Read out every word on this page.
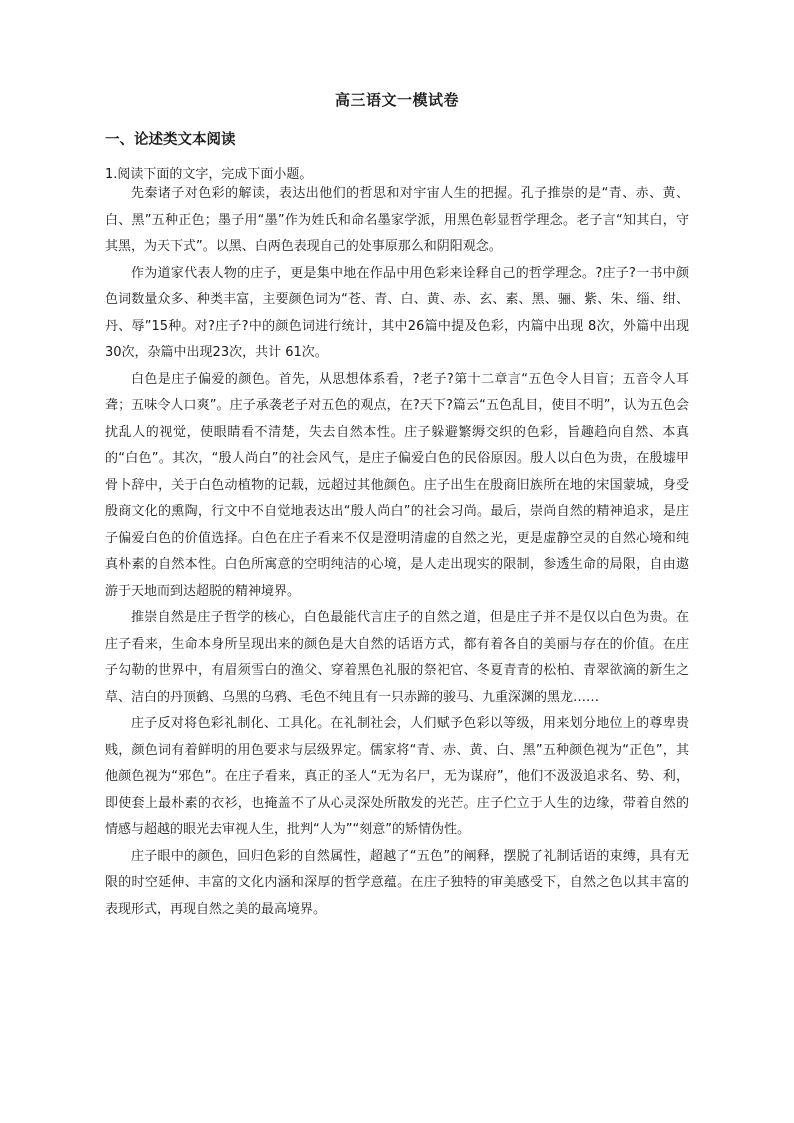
高三语文一模试卷
一、论述类文本阅读

1.阅读下面的文字，完成下面小题。

先秦诸子对色彩的解读，表达出他们的哲思和对宇宙人生的把握。孔子推崇的是“青、赤、黄、白、黑”五种正色；墨子用“墨”作为姓氏和命名墨家学派，用黑色彰显哲学理念。老子言“知其白，守其黑，为天下式”。以黑、白两色表现自己的处事原那么和阴阳观念。

作为道家代表人物的庄子，更是集中地在作品中用色彩来诠释自己的哲学理念。?庄子?一书中颜色词数量众多、种类丰富，主要颜色词为“苍、青、白、黄、赤、玄、素、黑、骊、紫、朱、缁、绀、丹、辱”15种。对?庄子?中的颜色词进行统计，其中26篇中提及色彩，内篇中出现 8次，外篇中出现30次，杂篇中出现23次，共计 61次。

白色是庄子偏爱的颜色。首先，从思想体系看，?老子?第十二章言“五色令人目盲；五音令人耳聋；五味令人口爽”。庄子承袭老子对五色的观点，在?天下?篇云“五色乱目，使目不明”，认为五色会扰乱人的视觉，使眼睛看不清楚，失去自然本性。庄子躲避繁缛交织的色彩，旨趣趋向自然、本真的“白色”。其次，“殷人尚白”的社会风气，是庄子偏爱白色的民俗原因。殷人以白色为贵，在殷墟甲骨卜辞中，关于白色动植物的记载，远超过其他颜色。庄子出生在殷商旧族所在地的宋国蒙城，身受殷商文化的熏陶，行文中不自觉地表达出“殷人尚白”的社会习尚。最后，崇尚自然的精神追求，是庄子偏爱白色的价值选择。白色在庄子看来不仅是澄明清虚的自然之光，更是虚静空灵的自然心境和纯真朴素的自然本性。白色所寓意的空明纯洁的心境，是人走出现实的限制，参透生命的局限，自由遨游于天地而到达超脱的精神境界。

推崇自然是庄子哲学的核心，白色最能代言庄子的自然之道，但是庄子并不是仅以白色为贵。在庄子看来，生命本身所呈现出来的颜色是大自然的话语方式，都有着各自的美丽与存在的价值。在庄子勾勒的世界中，有眉须雪白的渔父、穿着黑色礼服的祭祀官、冬夏青青的松柏、青翠欲滴的新生之草、洁白的丹顶鹤、乌黑的乌鸦、毛色不纯且有一只赤蹄的骏马、九重深渊的黑龙……

庄子反对将色彩礼制化、工具化。在礼制社会，人们赋予色彩以等级，用来划分地位上的尊卑贵贱，颜色词有着鲜明的用色要求与层级界定。儒家将“青、赤、黄、白、黑”五种颜色视为“正色”，其他颜色视为“邪色”。在庄子看来，真正的圣人“无为名尸，无为谋府”，他们不汲汲追求名、势、利，即使套上最朴素的衣衫，也掩盖不了从心灵深处所散发的光芒。庄子伫立于人生的边缘，带着自然的情感与超越的眼光去审视人生，批判“人为”“刻意”的矫情伪性。

庄子眼中的颜色，回归色彩的自然属性，超越了“五色”的阐释，摆脱了礼制话语的束缚，具有无限的时空延伸、丰富的文化内涵和深厚的哲学意蕴。在庄子独特的审美感受下，自然之色以其丰富的表现形式，再现自然之美的最高境界。
